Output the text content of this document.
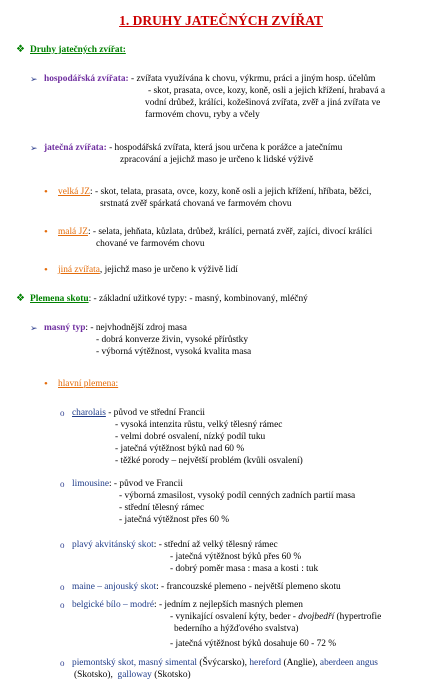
1. DRUHY JATEČNÝCH ZVÍŘAT
❖ Druhy jatečných zvířat:
➢ hospodářská zvířata: - zvířata využívána k chovu, výkrmu, práci a jiným hosp. účelům
- skot, prasata, ovce, kozy, koně, osli a jejich křížení, hrabavá a
vodní drůbež, králíci, kožešinová zvířata, zvěř a jiná zvířata ve
farmovém chovu, ryby a včely
➢ jatečná zvířata: - hospodářská zvířata, která jsou určena k porážce a jatečnímu
zpracování a jejichž maso je určeno k lidské výživě
• velká JZ: - skot, telata, prasata, ovce, kozy, koně osli a jejich křížení, hříbata, běžci,
srstnatá zvěř spárkatá chovaná ve farmovém chovu
• malá JZ: - selata, jehňata, kůzlata, drůbež, králíci, pernatá zvěř, zajíci, divocí králíci
chované ve farmovém chovu
• jiná zvířata, jejichž maso je určeno k výživě lidí
❖ Plemena skotu: - základní užitkové typy: - masný, kombinovaný, mléčný
➢ masný typ: - nejvhodnější zdroj masa
- dobrá konverze živin, vysoké přírůstky
- výborná výtěžnost, vysoká kvalita masa
• hlavní plemena:
o charolais - původ ve střední Francii
- vysoká intenzita růstu, velký tělesný rámec
- velmi dobré osvalení, nízký podíl tuku
- jatečná výtěžnost býků nad 60 %
- těžké porody – největší problém (kvůli osvalení)
o limousine: - původ ve Francii
- výborná zmasilost, vysoký podíl cenných zadních partií masa
- střední tělesný rámec
- jatečná výtěžnost přes 60 %
o plavý akvitánský skot: - střední až velký tělesný rámec
- jatečná výtěžnost býků přes 60 %
- dobrý poměr masa : masa a kosti : tuk
o maine – anjouský skot: - francouzské plemeno - největší plemeno skotu
o belgické bílo – modré: - jedním z nejlepších masných plemen
- vynikající osvalení kýty, beder - dvojbedří (hypertrofie
bederního a hýžďového svalstva)
- jatečná výtěžnost býků dosahuje 60 - 72 %
o piemontský skot, masný simental (Švýcarsko), hereford (Anglie), aberdeen angus
(Skotsko), galloway (Skotsko)
